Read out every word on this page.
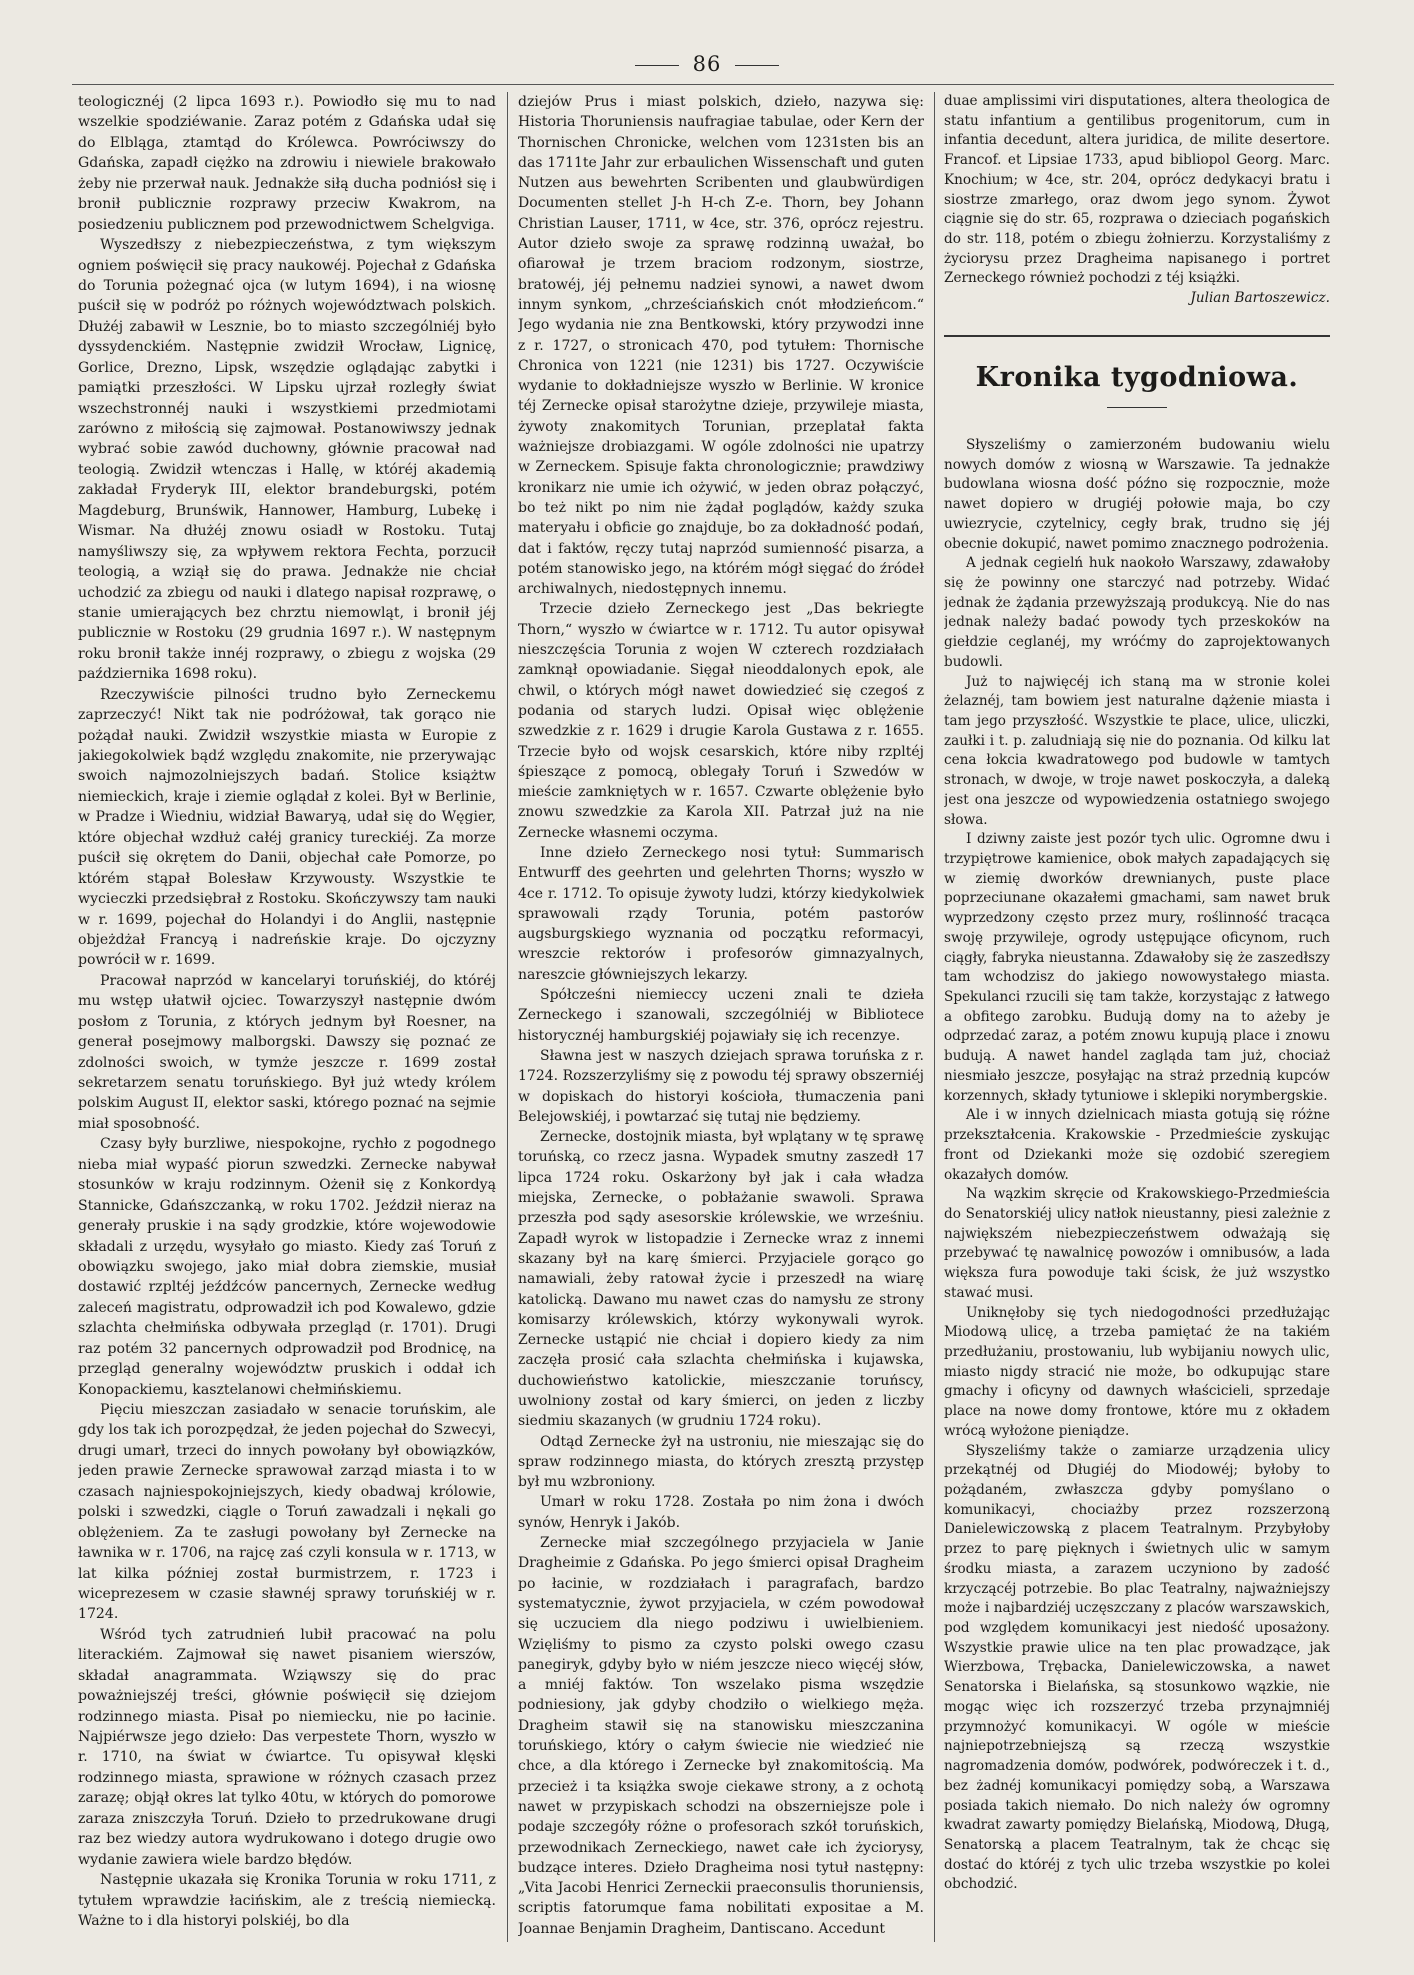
86

teologicznéj (2 lipca 1693 r.). Powiodło się mu to nad wszelkie spodziéwanie. Zaraz potém z Gdańska udał się do Elbląga, ztamtąd do Królewca. Powróciwszy do Gdańska, zapadł ciężko na zdrowiu i niewiele brakowało żeby nie przerwał nauk. Jednakże siłą ducha podniósł się i bronił publicznie rozprawy przeciw Kwakrom, na posiedzeniu publicznem pod przewodnictwem Schelgviga.

Wyszedłszy z niebezpieczeństwa, z tym większym ogniem poświęcił się pracy naukowéj. Pojechał z Gdańska do Torunia pożegnać ojca (w lutym 1694), i na wiosnę puścił się w podróż po różnych województwach polskich. Dłużéj zabawił w Lesznie, bo to miasto szczególniéj było dyssydenckiém. Następnie zwidził Wrocław, Lignicę, Gorlice, Drezno, Lipsk, wszędzie oglądając zabytki i pamiątki przeszłości. W Lipsku ujrzał rozległy świat wszechstronnéj nauki i wszystkiemi przedmiotami zarówno z miłością się zajmował. Postanowiwszy jednak wybrać sobie zawód duchowny, głównie pracował nad teologią. Zwidził wtenczas i Hallę, w któréj akademią zakładał Fryderyk III, elektor brandeburgski, potém Magdeburg, Brunświk, Hannower, Hamburg, Lubekę i Wismar. Na dłużéj znowu osiadł w Rostoku. Tutaj namyśliwszy się, za wpływem rektora Fechta, porzucił teologią, a wziął się do prawa. Jednakże nie chciał uchodzić za zbiegu od nauki i dlatego napisał rozprawę, o stanie umierających bez chrztu niemowląt, i bronił jéj publicznie w Rostoku (29 grudnia 1697 r.). W następnym roku bronił także innéj rozprawy, o zbiegu z wojska (29 października 1698 roku).

Rzeczywiście pilności trudno było Zerneckemu zaprzeczyć! Nikt tak nie podróżował, tak gorąco nie pożądał nauki. Zwidził wszystkie miasta w Europie z jakiegokolwiek bądź względu znakomite, nie przerywając swoich najmozolniejszych badań. Stolice książtw niemieckich, kraje i ziemie oglądał z kolei. Był w Berlinie, w Pradze i Wiedniu, widział Bawaryą, udał się do Węgier, które objechał wzdłuż całéj granicy tureckiéj. Za morze puścił się okrętem do Danii, objechał całe Pomorze, po którém stąpał Bolesław Krzywousty. Wszystkie te wycieczki przedsiębrał z Rostoku. Skończywszy tam nauki w r. 1699, pojechał do Holandyi i do Anglii, następnie objeżdżał Francyą i nadreńskie kraje. Do ojczyzny powrócił w r. 1699.

Pracował naprzód w kancelaryi toruńskiéj, do któréj mu wstęp ułatwił ojciec. Towarzyszył następnie dwóm posłom z Torunia, z których jednym był Roesner, na generał posejmowy malborgski. Dawszy się poznać ze zdolności swoich, w tymże jeszcze r. 1699 został sekretarzem senatu toruńskiego. Był już wtedy królem polskim August II, elektor saski, którego poznać na sejmie miał sposobność.

Czasy były burzliwe, niespokojne, rychło z pogodnego nieba miał wypaść piorun szwedzki. Zernecke nabywał stosunków w kraju rodzinnym. Ożenił się z Konkordyą Stannicke, Gdańszczanką, w roku 1702. Jeździł nieraz na generały pruskie i na sądy grodzkie, które wojewodowie składali z urzędu, wysyłało go miasto. Kiedy zaś Toruń z obowiązku swojego, jako miał dobra ziemskie, musiał dostawić rzpltéj jeźdźców pancernych, Zernecke według zaleceń magistratu, odprowadził ich pod Kowalewo, gdzie szlachta chełmińska odbywała przegląd (r. 1701). Drugi raz potém 32 pancernych odprowadził pod Brodnicę, na przegląd generalny województw pruskich i oddał ich Konopackiemu, kasztelanowi chełmińskiemu.

Pięciu mieszczan zasiadało w senacie toruńskim, ale gdy los tak ich porozpędzał, że jeden pojechał do Szwecyi, drugi umarł, trzeci do innych powołany był obowiązków, jeden prawie Zernecke sprawował zarząd miasta i to w czasach najniespokojniejszych, kiedy obadwaj królowie, polski i szwedzki, ciągle o Toruń zawadzali i nękali go oblężeniem. Za te zasługi powołany był Zernecke na ławnika w r. 1706, na rajcę zaś czyli konsula w r. 1713, w lat kilka później został burmistrzem, r. 1723 i wiceprezesem w czasie sławnéj sprawy toruńskiéj w r. 1724.

Wśród tych zatrudnień lubił pracować na polu literackiém. Zajmował się nawet pisaniem wierszów, składał anagrammata. Wziąwszy się do prac poważniejszéj treści, głównie poświęcił się dziejom rodzinnego miasta. Pisał po niemiecku, nie po łacinie. Najpiérwsze jego dzieło: Das verpestete Thorn, wyszło w r. 1710, na świat w ćwiartce. Tu opisywał klęski rodzinnego miasta, sprawione w różnych czasach przez zarazę; objął okres lat tylko 40tu, w których do pomorowe zaraza zniszczyła Toruń. Dzieło to przedrukowane drugi raz bez wiedzy autora wydrukowano i dotego drugie owo wydanie zawiera wiele bardzo błędów.

Następnie ukazała się Kronika Torunia w roku 1711, z tytułem wprawdzie łacińskim, ale z treścią niemiecką. Ważne to i dla historyi polskiéj, bo dla

dziejów Prus i miast polskich, dzieło, nazywa się: Historia Thoruniensis naufragiae tabulae, oder Kern der Thornischen Chronicke, welchen vom 1231sten bis an das 1711te Jahr zur erbaulichen Wissenschaft und guten Nutzen aus bewehrten Scribenten und glaubwürdigen Documenten stellet J-h H-ch Z-e. Thorn, bey Johann Christian Lauser, 1711, w 4ce, str. 376, oprócz rejestru. Autor dzieło swoje za sprawę rodzinną uważał, bo ofiarował je trzem braciom rodzonym, siostrze, bratowéj, jéj pełnemu nadziei synowi, a nawet dwom innym synkom, „chrześciańskich cnót młodzieńcom.“ Jego wydania nie zna Bentkowski, który przywodzi inne z r. 1727, o stronicach 470, pod tytułem: Thornische Chronica von 1221 (nie 1231) bis 1727. Oczywiście wydanie to dokładniejsze wyszło w Berlinie. W kronice téj Zernecke opisał starożytne dzieje, przywileje miasta, żywoty znakomitych Torunian, przeplatał fakta ważniejsze drobiazgami. W ogóle zdolności nie upatrzy w Zerneckem. Spisuje fakta chronologicznie; prawdziwy kronikarz nie umie ich ożywić, w jeden obraz połączyć, bo też nikt po nim nie żądał poglądów, każdy szuka materyału i obficie go znajduje, bo za dokładność podań, dat i faktów, ręczy tutaj naprzód sumienność pisarza, a potém stanowisko jego, na którém mógł sięgać do źródeł archiwalnych, niedostępnych innemu.

Trzecie dzieło Zerneckego jest „Das bekriegte Thorn,“ wyszło w ćwiartce w r. 1712. Tu autor opisywał nieszczęścia Torunia z wojen W czterech rozdziałach zamknął opowiadanie. Sięgał nieoddalonych epok, ale chwil, o których mógł nawet dowiedzieć się czegoś z podania od starych ludzi. Opisał więc oblężenie szwedzkie z r. 1629 i drugie Karola Gustawa z r. 1655. Trzecie było od wojsk cesarskich, które niby rzpltéj śpieszące z pomocą, oblegały Toruń i Szwedów w mieście zamkniętych w r. 1657. Czwarte oblężenie było znowu szwedzkie za Karola XII. Patrzał już na nie Zernecke własnemi oczyma.

Inne dzieło Zerneckego nosi tytuł: Summarisch Entwurff des geehrten und gelehrten Thorns; wyszło w 4ce r. 1712. To opisuje żywoty ludzi, którzy kiedykolwiek sprawowali rządy Torunia, potém pastorów augsburgskiego wyznania od początku reformacyi, wreszcie rektorów i profesorów gimnazyalnych, nareszcie główniejszych lekarzy.

Spółcześni niemieccy uczeni znali te dzieła Zerneckego i szanowali, szczególniéj w Bibliotece historycznéj hamburgskiéj pojawiały się ich recenzye.

Sławna jest w naszych dziejach sprawa toruńska z r. 1724. Rozszerzyliśmy się z powodu téj sprawy obszerniéj w dopiskach do historyi kościoła, tłumaczenia pani Belejowskiéj, i powtarzać się tutaj nie będziemy.

Zernecke, dostojnik miasta, był wplątany w tę sprawę toruńską, co rzecz jasna. Wypadek smutny zaszedł 17 lipca 1724 roku. Oskarżony był jak i cała władza miejska, Zernecke, o pobłażanie swawoli. Sprawa przeszła pod sądy asesorskie królewskie, we wrześniu. Zapadł wyrok w listopadzie i Zernecke wraz z innemi skazany był na karę śmierci. Przyjaciele gorąco go namawiali, żeby ratował życie i przeszedł na wiarę katolicką. Dawano mu nawet czas do namysłu ze strony komisarzy królewskich, którzy wykonywali wyrok. Zernecke ustąpić nie chciał i dopiero kiedy za nim zaczęła prosić cała szlachta chełmińska i kujawska, duchowieństwo katolickie, mieszczanie toruńscy, uwolniony został od kary śmierci, on jeden z liczby siedmiu skazanych (w grudniu 1724 roku).

Odtąd Zernecke żył na ustroniu, nie mieszając się do spraw rodzinnego miasta, do których zresztą przystęp był mu wzbroniony.

Umarł w roku 1728. Została po nim żona i dwóch synów, Henryk i Jakób.

Zernecke miał szczególnego przyjaciela w Janie Dragheimie z Gdańska. Po jego śmierci opisał Dragheim po łacinie, w rozdziałach i paragrafach, bardzo systematycznie, żywot przyjaciela, w czém powodował się uczuciem dla niego podziwu i uwielbieniem. Wzięliśmy to pismo za czysto polski owego czasu panegiryk, gdyby było w niém jeszcze nieco więcéj słów, a mniéj faktów. Ton wszelako pisma wszędzie podniesiony, jak gdyby chodziło o wielkiego męża. Dragheim stawił się na stanowisku mieszczanina toruńskiego, który o całym świecie nie wiedzieć nie chce, a dla którego i Zernecke był znakomitością. Ma przecież i ta książka swoje ciekawe strony, a z ochotą nawet w przypiskach schodzi na obszerniejsze pole i podaje szczegóły różne o profesorach szkół toruńskich, przewodnikach Zerneckiego, nawet całe ich życiorysy, budzące interes. Dzieło Dragheima nosi tytuł następny: „Vita Jacobi Henrici Zerneckii praeconsulis thoruniensis, scriptis fatorumque fama nobilitati expositae a M. Joannae Benjamin Dragheim, Dantiscano. Accedunt

duae amplissimi viri disputationes, altera theologica de statu infantium a gentilibus progenitorum, cum in infantia decedunt, altera juridica, de milite desertore. Francof. et Lipsiae 1733, apud bibliopol Georg. Marc. Knochium; w 4ce, str. 204, oprócz dedykacyi bratu i siostrze zmarłego, oraz dwom jego synom. Żywot ciągnie się do str. 65, rozprawa o dzieciach pogańskich do str. 118, potém o zbiegu żołnierzu. Korzystaliśmy z życiorysu przez Dragheima napisanego i portret Zerneckego również pochodzi z téj książki.

Julian Bartoszewicz.

Kronika tygodniowa.

Słyszeliśmy o zamierzoném budowaniu wielu nowych domów z wiosną w Warszawie. Ta jednakże budowlana wiosna dość późno się rozpocznie, może nawet dopiero w drugiéj połowie maja, bo czy uwiezrycie, czytelnicy, cegły brak, trudno się jéj obecnie dokupić, nawet pomimo znacznego podrożenia.

A jednak cegielń huk naokoło Warszawy, zdawałoby się że powinny one starczyć nad potrzeby. Widać jednak że żądania przewyższają produkcyą. Nie do nas jednak należy badać powody tych przeskoków na giełdzie ceglanéj, my wróćmy do zaprojektowanych budowli.

Już to najwięcéj ich staną ma w stronie kolei żelaznéj, tam bowiem jest naturalne dążenie miasta i tam jego przyszłość. Wszystkie te place, ulice, uliczki, zaułki i t. p. zaludniają się nie do poznania. Od kilku lat cena łokcia kwadratowego pod budowle w tamtych stronach, w dwoje, w troje nawet poskoczyła, a daleką jest ona jeszcze od wypowiedzenia ostatniego swojego słowa.

I dziwny zaiste jest pozór tych ulic. Ogromne dwu i trzypiętrowe kamienice, obok małych zapadających się w ziemię dworków drewnianych, puste place poprzeciunane okazałemi gmachami, sam nawet bruk wyprzedzony często przez mury, roślinność tracąca swoję przywileje, ogrody ustępujące oficynom, ruch ciągły, fabryka nieustanna. Zdawałoby się że zaszedłszy tam wchodzisz do jakiego nowowystałego miasta. Spekulanci rzucili się tam także, korzystając z łatwego a obfitego zarobku. Budują domy na to ażeby je odprzedać zaraz, a potém znowu kupują place i znowu budują. A nawet handel zagląda tam już, chociaż niesmiało jeszcze, posyłając na straż przednią kupców korzennych, składy tytuniowe i sklepiki norymbergskie.

Ale i w innych dzielnicach miasta gotują się różne przekształcenia. Krakowskie - Przedmieście zyskując front od Dziekanki może się ozdobić szeregiem okazałych domów.

Na wązkim skręcie od Krakowskiego-Przedmieścia do Senatorskiéj ulicy natłok nieustanny, piesi zależnie z największém niebezpieczeństwem odważają się przebywać tę nawalnicę powozów i omnibusów, a lada większa fura powoduje taki ścisk, że już wszystko stawać musi.

Uniknęłoby się tych niedogodności przedłużając Miodową ulicę, a trzeba pamiętać że na takiém przedłużaniu, prostowaniu, lub wybijaniu nowych ulic, miasto nigdy stracić nie może, bo odkupując stare gmachy i oficyny od dawnych właścicieli, sprzedaje place na nowe domy frontowe, które mu z okładem wrócą wyłożone pieniądze.

Słyszeliśmy także o zamiarze urządzenia ulicy przekątnéj od Długiéj do Miodowéj; byłoby to pożądaném, zwłaszcza gdyby pomyślano o komunikacyi, chociażby przez rozszerzoną Danielewiczowską z placem Teatralnym. Przybyłoby przez to parę pięknych i świetnych ulic w samym środku miasta, a zarazem uczyniono by zadość krzyczącéj potrzebie. Bo plac Teatralny, najważniejszy może i najbardziéj uczęszczany z placów warszawskich, pod względem komunikacyi jest niedość uposażony. Wszystkie prawie ulice na ten plac prowadzące, jak Wierzbowa, Trębacka, Danielewiczowska, a nawet Senatorska i Bielańska, są stosunkowo wązkie, nie mogąc więc ich rozszerzyć trzeba przynajmniéj przymnożyć komunikacyi. W ogóle w mieście najniepotrzebniejszą są rzeczą wszystkie nagromadzenia domów, podwórek, podwóreczek i t. d., bez żadnéj komunikacyi pomiędzy sobą, a Warszawa posiada takich niemało. Do nich należy ów ogromny kwadrat zawarty pomiędzy Bielańską, Miodową, Długą, Senatorską a placem Teatralnym, tak że chcąc się dostać do któréj z tych ulic trzeba wszystkie po kolei obchodzić.
